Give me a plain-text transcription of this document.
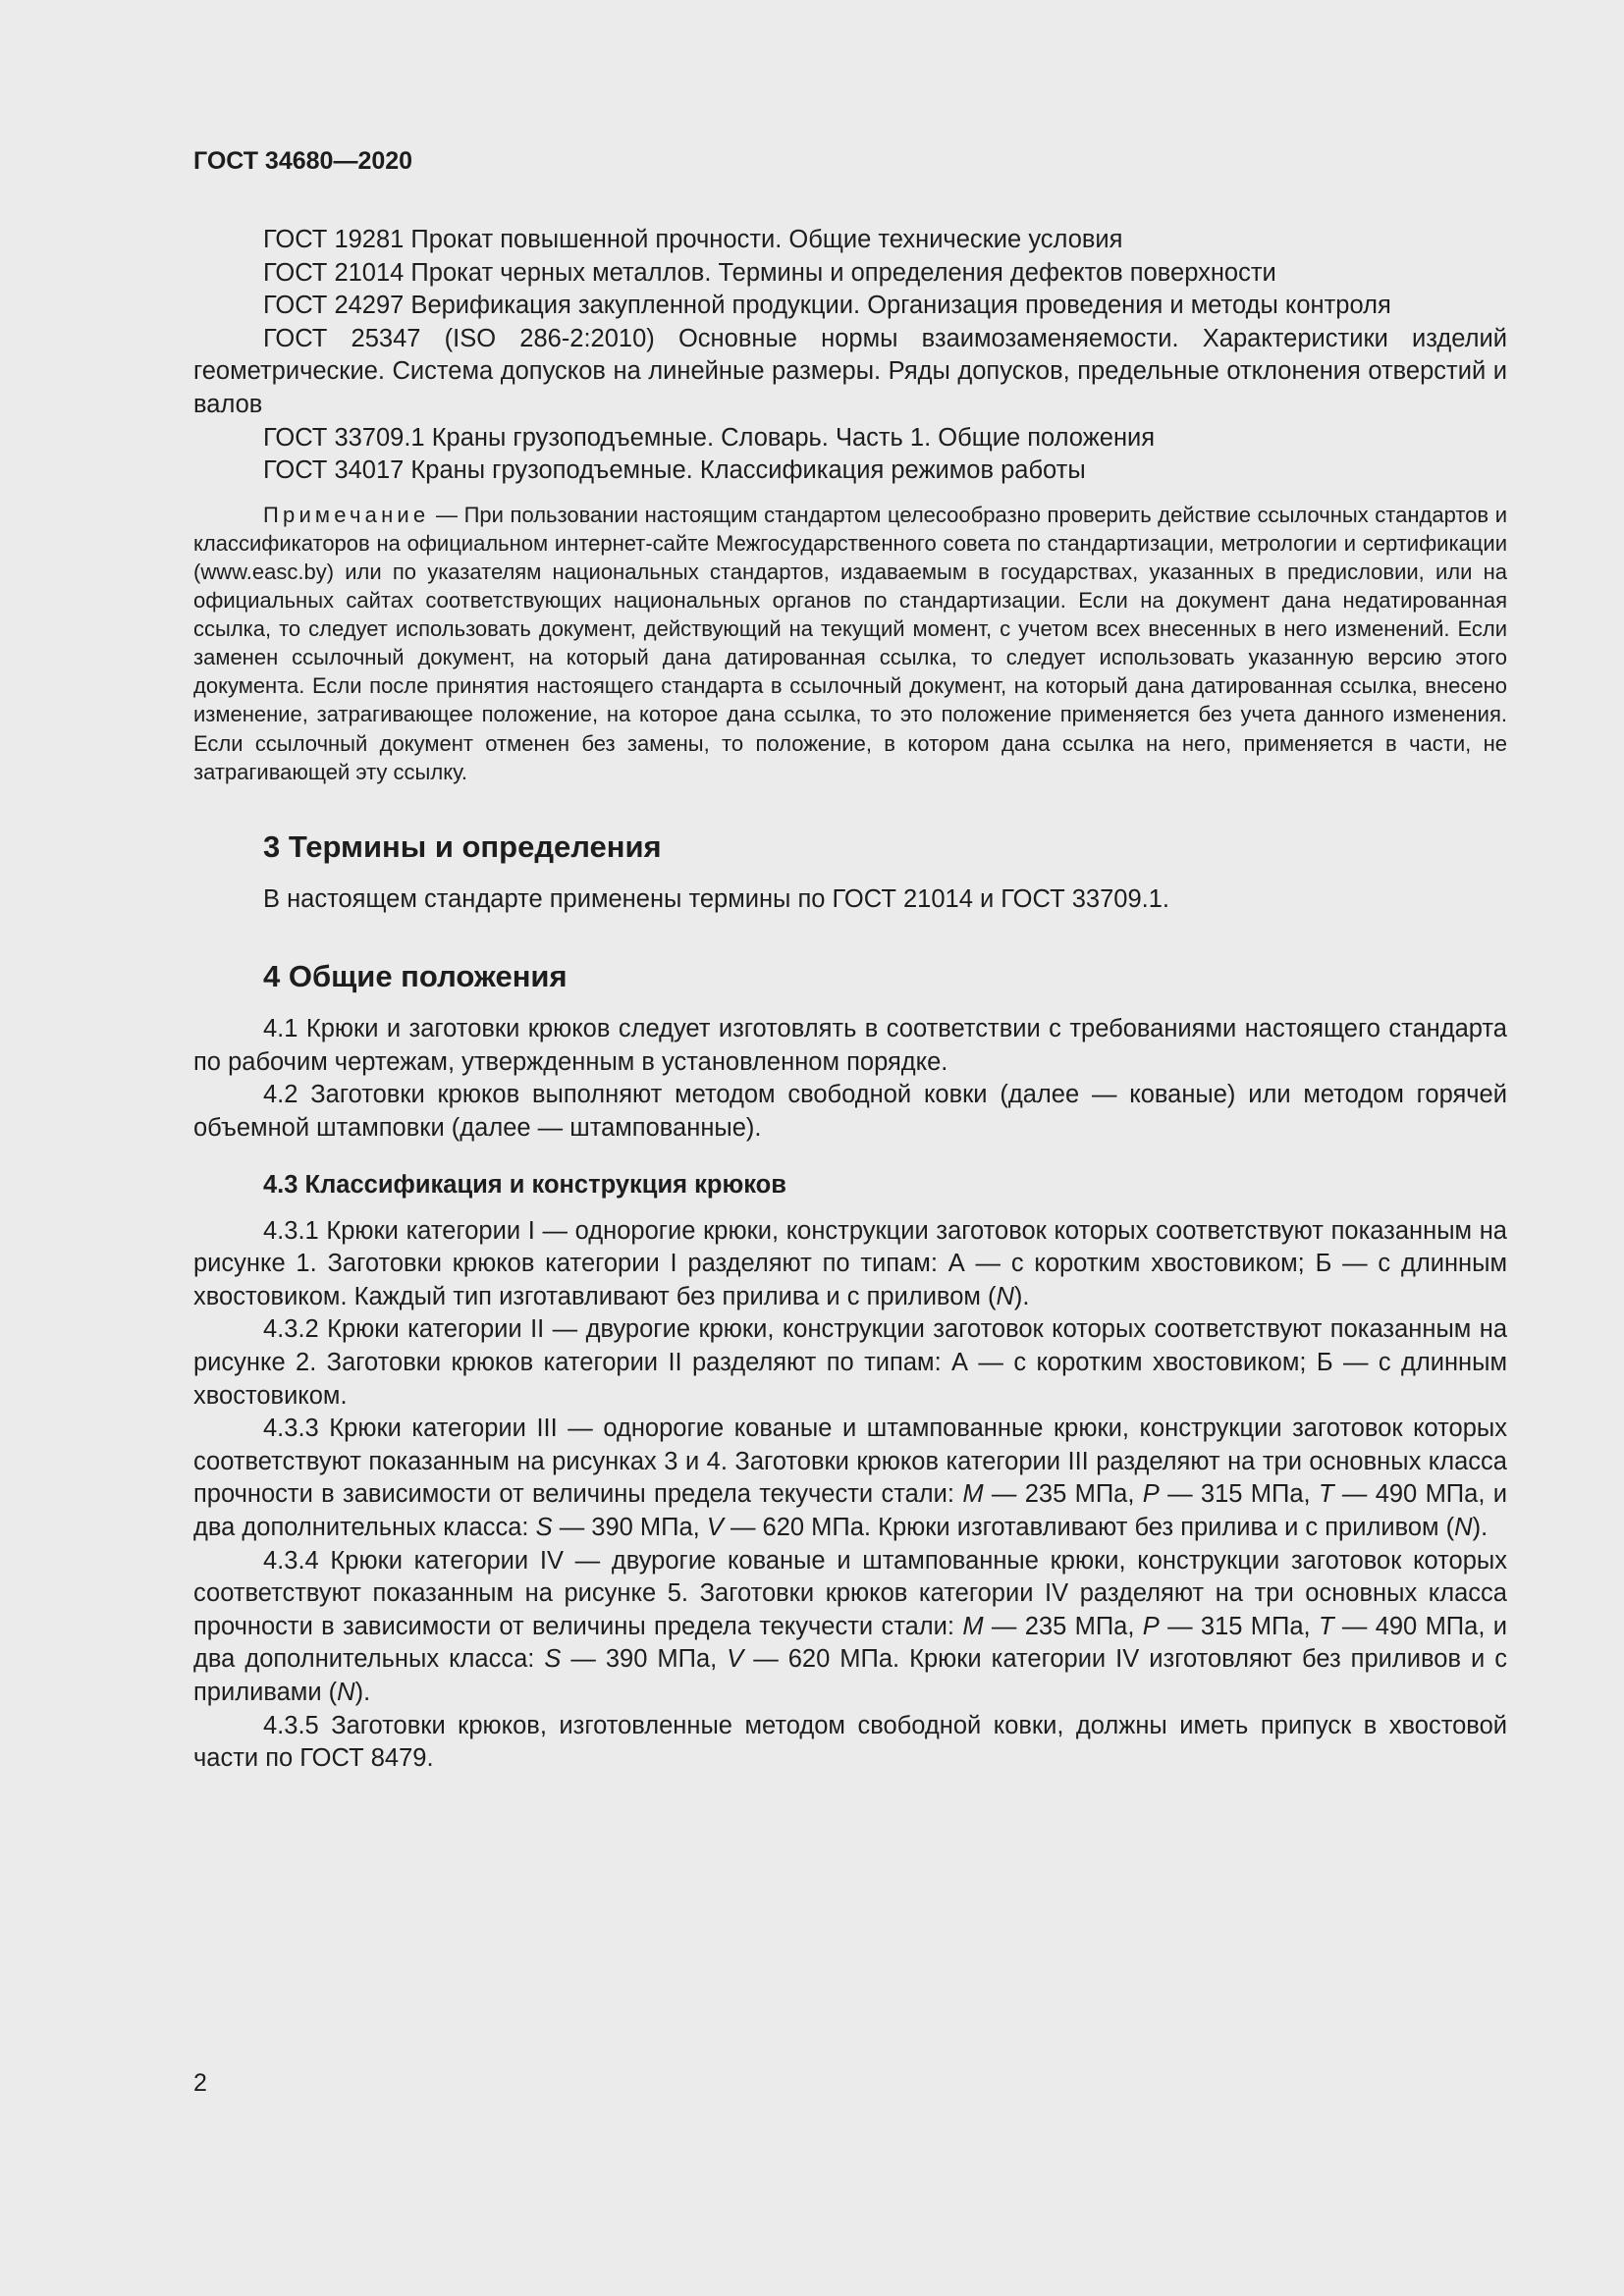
ГОСТ 34680—2020

ГОСТ 19281 Прокат повышенной прочности. Общие технические условия

ГОСТ 21014 Прокат черных металлов. Термины и определения дефектов поверхности

ГОСТ 24297 Верификация закупленной продукции. Организация проведения и методы контроля

ГОСТ 25347 (ISO 286-2:2010) Основные нормы взаимозаменяемости. Характеристики изделий геометрические. Система допусков на линейные размеры. Ряды допусков, предельные отклонения отверстий и валов

ГОСТ 33709.1 Краны грузоподъемные. Словарь. Часть 1. Общие положения

ГОСТ 34017 Краны грузоподъемные. Классификация режимов работы

Примечание — При пользовании настоящим стандартом целесообразно проверить действие ссылочных стандартов и классификаторов на официальном интернет-сайте Межгосударственного совета по стандартизации, метрологии и сертификации (www.easc.by) или по указателям национальных стандартов, издаваемым в государствах, указанных в предисловии, или на официальных сайтах соответствующих национальных органов по стандартизации. Если на документ дана недатированная ссылка, то следует использовать документ, действующий на текущий момент, с учетом всех внесенных в него изменений. Если заменен ссылочный документ, на который дана датированная ссылка, то следует использовать указанную версию этого документа. Если после принятия настоящего стандарта в ссылочный документ, на который дана датированная ссылка, внесено изменение, затрагивающее положение, на которое дана ссылка, то это положение применяется без учета данного изменения. Если ссылочный документ отменен без замены, то положение, в котором дана ссылка на него, применяется в части, не затрагивающей эту ссылку.

3 Термины и определения

В настоящем стандарте применены термины по ГОСТ 21014 и ГОСТ 33709.1.

4 Общие положения

4.1 Крюки и заготовки крюков следует изготовлять в соответствии с требованиями настоящего стандарта по рабочим чертежам, утвержденным в установленном порядке.

4.2 Заготовки крюков выполняют методом свободной ковки (далее — кованые) или методом горячей объемной штамповки (далее — штампованные).

4.3 Классификация и конструкция крюков

4.3.1 Крюки категории I — однорогие крюки, конструкции заготовок которых соответствуют показанным на рисунке 1. Заготовки крюков категории I разделяют по типам: А — с коротким хвостовиком; Б — с длинным хвостовиком. Каждый тип изготавливают без прилива и с приливом (N).

4.3.2 Крюки категории II — двурогие крюки, конструкции заготовок которых соответствуют показанным на рисунке 2. Заготовки крюков категории II разделяют по типам: А — с коротким хвостовиком; Б — с длинным хвостовиком.

4.3.3 Крюки категории III — однорогие кованые и штампованные крюки, конструкции заготовок которых соответствуют показанным на рисунках 3 и 4. Заготовки крюков категории III разделяют на три основных класса прочности в зависимости от величины предела текучести стали: M — 235 МПа, P — 315 МПа, T — 490 МПа, и два дополнительных класса: S — 390 МПа, V — 620 МПа. Крюки изготавливают без прилива и с приливом (N).

4.3.4 Крюки категории IV — двурогие кованые и штампованные крюки, конструкции заготовок которых соответствуют показанным на рисунке 5. Заготовки крюков категории IV разделяют на три основных класса прочности в зависимости от величины предела текучести стали: M — 235 МПа, P — 315 МПа, T — 490 МПа, и два дополнительных класса: S — 390 МПа, V — 620 МПа. Крюки категории IV изготовляют без приливов и с приливами (N).

4.3.5 Заготовки крюков, изготовленные методом свободной ковки, должны иметь припуск в хвостовой части по ГОСТ 8479.

2
